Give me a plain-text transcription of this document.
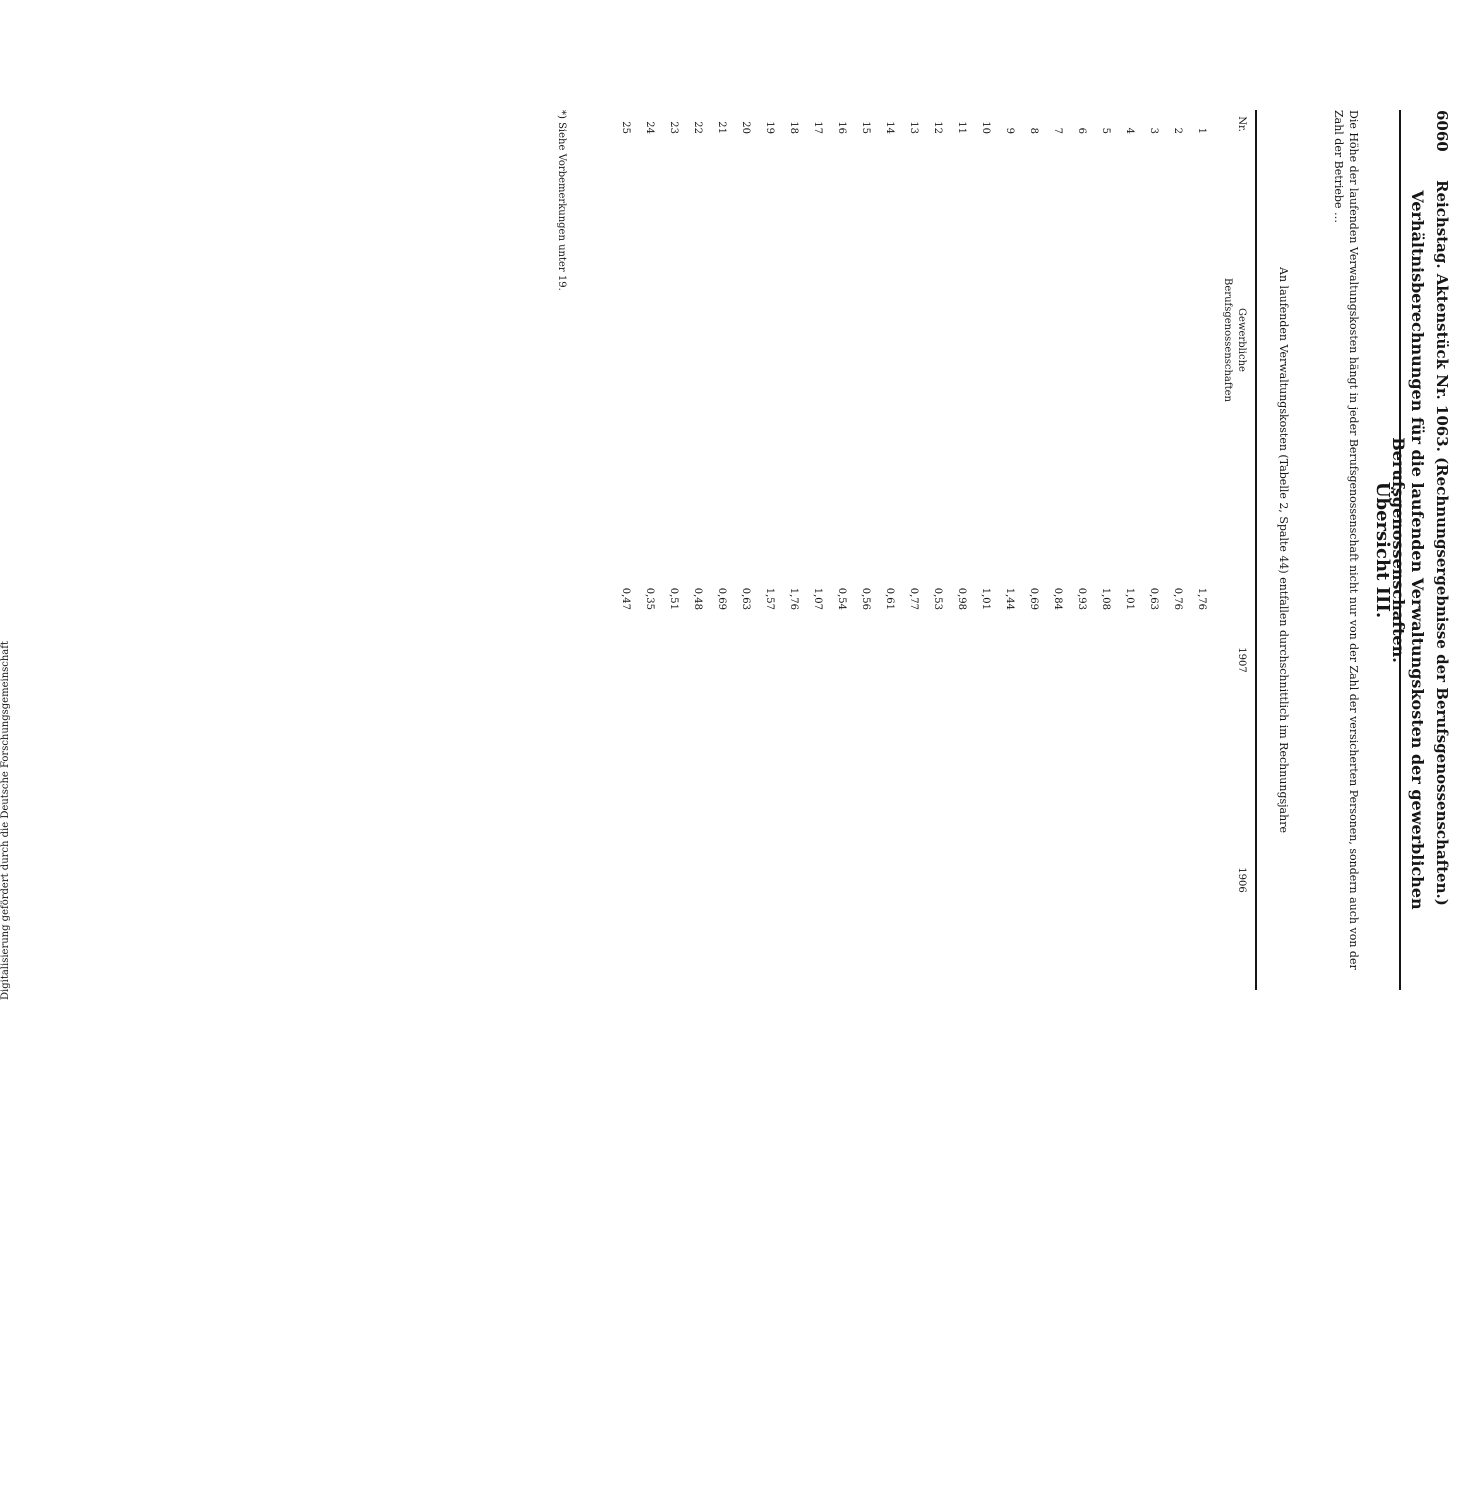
6060
Reichstag. Aktenstück Nr. 1063. (Rechnungsergebnisse der Berufsgenossenschaften.)
Verhältnisberechnungen für die laufenden Verwaltungskosten der gewerblichen Berufsgenossenschaften.
Übersicht III.
Die Höhe der laufenden Verwaltungskosten hängt in jeder Berufsgenossenschaft nicht nur von der Zahl der versicherten Personen, sondern auch von der Zahl der Betriebe …
An laufenden Verwaltungskosten (Tabelle 2, Spalte 44) entfallen durchschnittlich im Rechnungsjahre
Nr.
Gewerbliche
Berufsgenossenschaften
1907
1906
1
1,76
2
0,76
3
0,63
4
1,01
5
1,08
6
0,93
7
0,84
8
0,69
9
1,44
10
1,01
11
0,98
12
0,53
13
0,77
14
0,61
15
0,56
16
0,54
17
1,07
18
1,76
19
1,57
20
0,63
21
0,69
22
0,48
23
0,51
24
0,35
25
0,47
*) Siehe Vorbemerkungen unter 19.
Digitalisierung gefördert durch die Deutsche Forschungsgemeinschaft
